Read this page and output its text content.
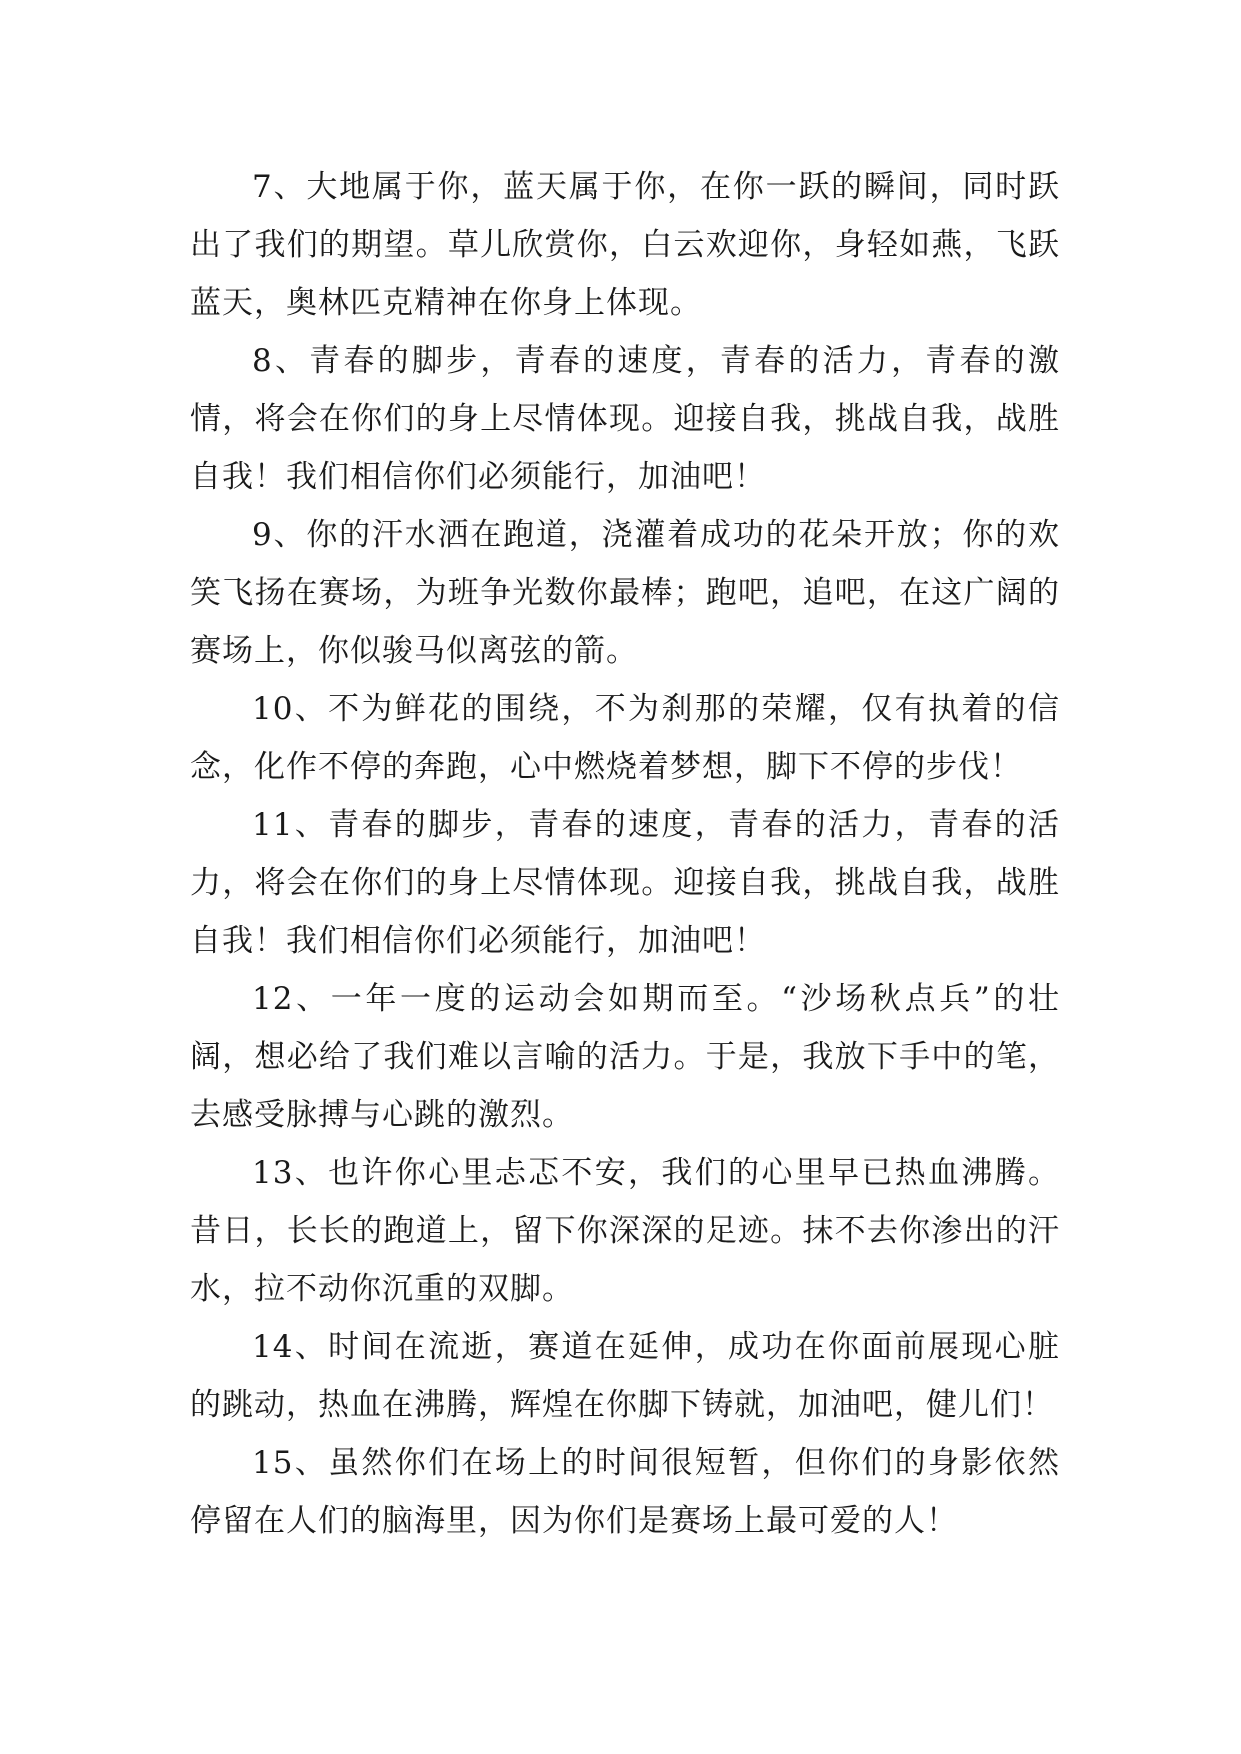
7、大地属于你，蓝天属于你，在你一跃的瞬间，同时跃出了我们的期望。草儿欣赏你，白云欢迎你，身轻如燕，飞跃蓝天，奥林匹克精神在你身上体现。

8、青春的脚步，青春的速度，青春的活力，青春的激情，将会在你们的身上尽情体现。迎接自我，挑战自我，战胜自我！我们相信你们必须能行，加油吧！

9、你的汗水洒在跑道，浇灌着成功的花朵开放；你的欢笑飞扬在赛场，为班争光数你最棒；跑吧，追吧，在这广阔的赛场上，你似骏马似离弦的箭。

10、不为鲜花的围绕，不为刹那的荣耀，仅有执着的信念，化作不停的奔跑，心中燃烧着梦想，脚下不停的步伐！

11、青春的脚步，青春的速度，青春的活力，青春的活力，将会在你们的身上尽情体现。迎接自我，挑战自我，战胜自我！我们相信你们必须能行，加油吧！

12、一年一度的运动会如期而至。“沙场秋点兵”的壮阔，想必给了我们难以言喻的活力。于是，我放下手中的笔，去感受脉搏与心跳的激烈。

13、也许你心里忐忑不安，我们的心里早已热血沸腾。昔日，长长的跑道上，留下你深深的足迹。抹不去你渗出的汗水，拉不动你沉重的双脚。

14、时间在流逝，赛道在延伸，成功在你面前展现心脏的跳动，热血在沸腾，辉煌在你脚下铸就，加油吧，健儿们！

15、虽然你们在场上的时间很短暂，但你们的身影依然停留在人们的脑海里，因为你们是赛场上最可爱的人！
